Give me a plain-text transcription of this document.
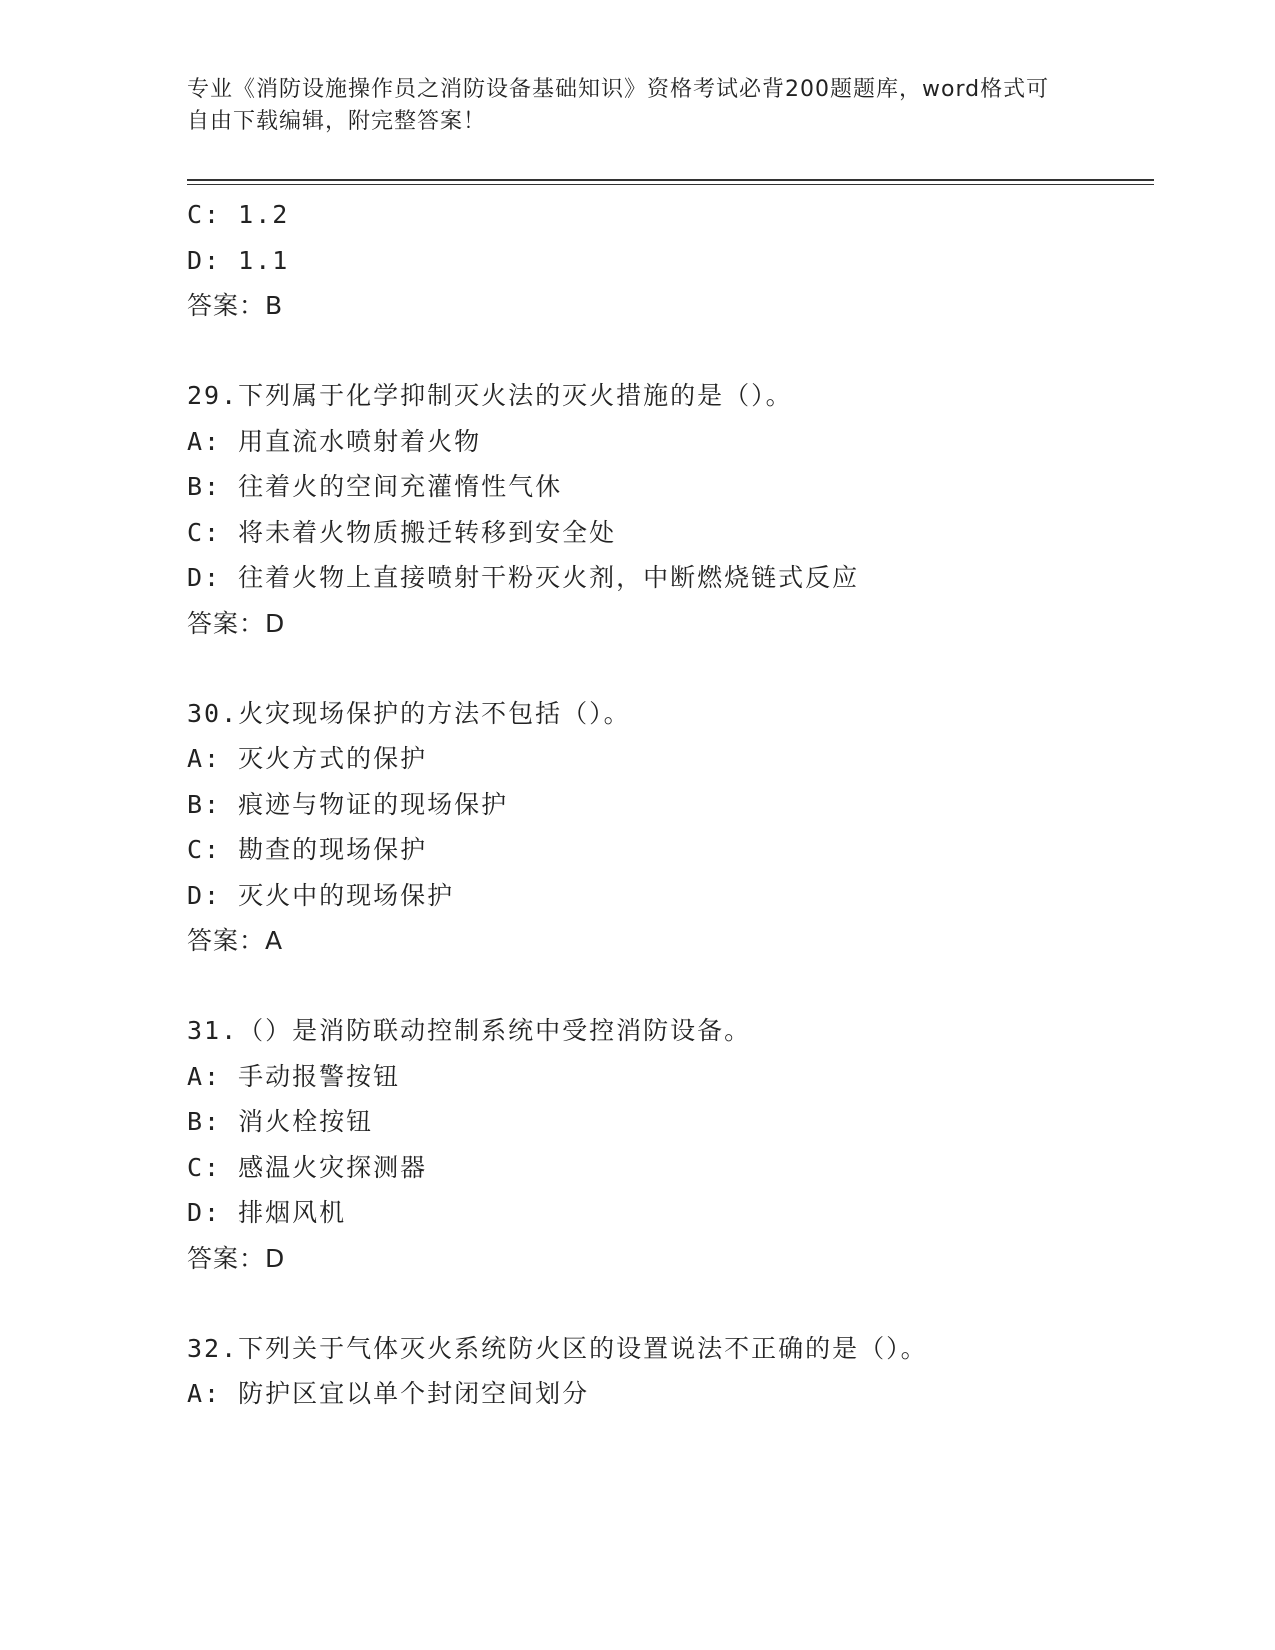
专业《消防设施操作员之消防设备基础知识》资格考试必背200题题库，word格式可自由下载编辑，附完整答案！
C: 1.2
D: 1.1
答案：B
29.下列属于化学抑制灭火法的灭火措施的是（）。
A: 用直流水喷射着火物
B: 往着火的空间充灌惰性气休
C: 将未着火物质搬迁转移到安全处
D: 往着火物上直接喷射干粉灭火剂，中断燃烧链式反应
答案：D
30.火灾现场保护的方法不包括（）。
A: 灭火方式的保护
B: 痕迹与物证的现场保护
C: 勘查的现场保护
D: 灭火中的现场保护
答案：A
31.（）是消防联动控制系统中受控消防设备。
A: 手动报警按钮
B: 消火栓按钮
C: 感温火灾探测器
D: 排烟风机
答案：D
32.下列关于气体灭火系统防火区的设置说法不正确的是（）。
A: 防护区宜以单个封闭空间划分
